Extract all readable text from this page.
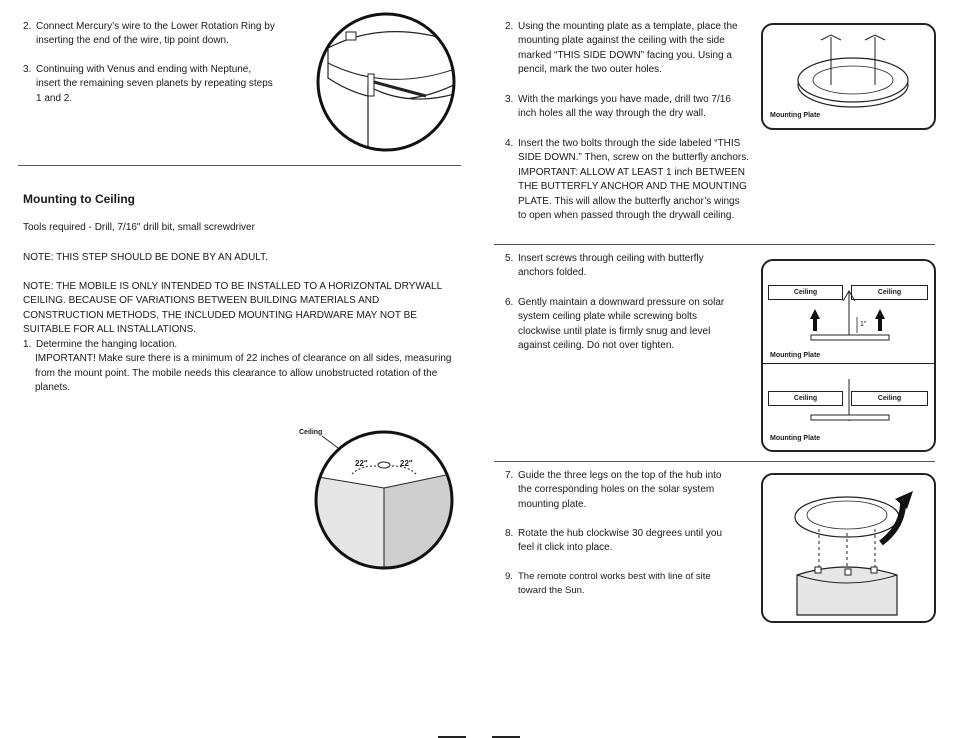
2. Connect Mercury’s wire to the Lower Rotation Ring by inserting the end of the wire, tip point down.
3. Continuing with Venus and ending with Neptune, insert the remaining seven planets by repeating steps 1 and 2.
Mounting to Ceiling
Tools required - Drill, 7/16" drill bit, small screwdriver
NOTE: THIS STEP SHOULD BE DONE BY AN ADULT.
NOTE: THE MOBILE IS ONLY INTENDED TO BE INSTALLED TO A HORIZONTAL DRYWALL CEILING. BECAUSE OF VARIATIONS BETWEEN BUILDING MATERIALS AND CONSTRUCTION METHODS, THE INCLUDED MOUNTING HARDWARE MAY NOT BE SUITABLE FOR ALL INSTALLATIONS.
1. Determine the hanging location.
IMPORTANT! Make sure there is a minimum of 22 inches of clearance on all sides, measuring from the mount point. The mobile needs this clearance to allow unobstructed rotation of the planets.
Ceiling
22"	22"
2. Using the mounting plate as a template, place the mounting plate against the ceiling with the side marked “THIS SIDE DOWN” facing you. Using a pencil, mark the two outer holes.
3. With the markings you have made, drill two 7/16 inch holes all the way through the dry wall.
4. Insert the two bolts through the side labeled “THIS SIDE DOWN.” Then, screw on the butterfly anchors. IMPORTANT: ALLOW AT LEAST 1 inch BETWEEN THE BUTTERFLY ANCHOR AND THE MOUNTING PLATE. This will allow the butterfly anchor’s wings to open when passed through the drywall ceiling.
Mounting Plate
5. Insert screws through ceiling with butterfly anchors folded.
6. Gently maintain a downward pressure on solar system ceiling plate while screwing bolts clockwise until plate is firmly snug and level against ceiling. Do not over tighten.
Ceiling	Ceiling
1"
Mounting Plate
Ceiling	Ceiling
Mounting Plate
7. Guide the three legs on the top of the hub into the corresponding holes on the solar system mounting plate.
8. Rotate the hub clockwise 30 degrees until you feel it click into place.
9. The remote control works best with line of site toward the Sun.
